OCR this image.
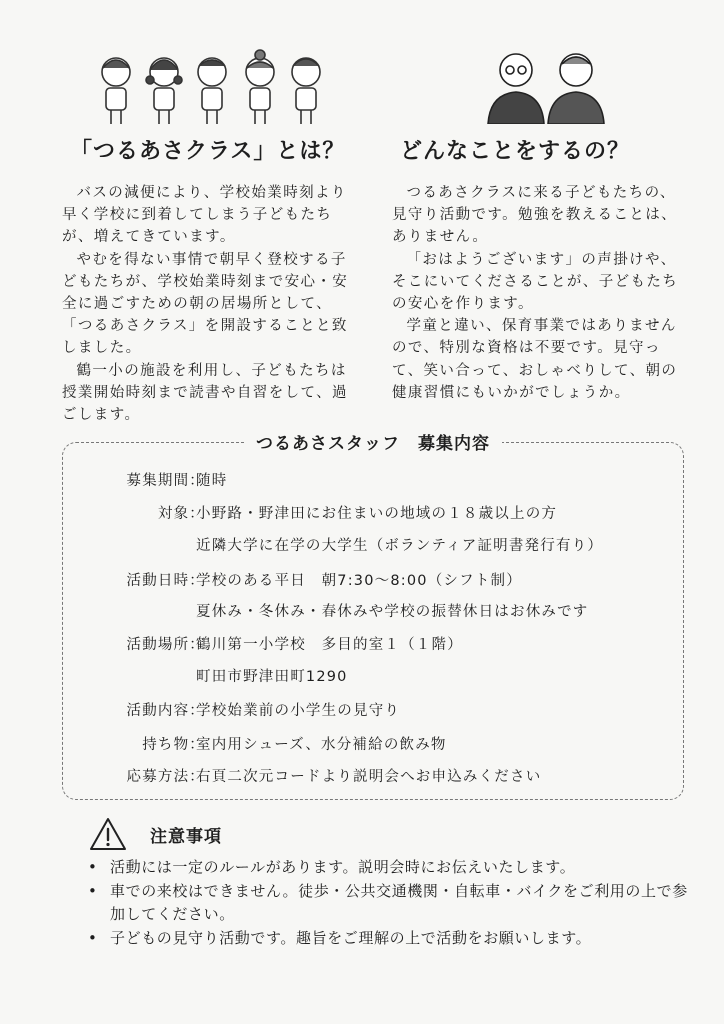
「つるあさクラス」とは？ どんなことをするの？

バスの減便により、学校始業時刻より早く学校に到着してしまう子どもたちが、増えてきています。

やむを得ない事情で朝早く登校する子どもたちが、学校始業時刻まで安心・安全に過ごすための朝の居場所として、「つるあさクラス」を開設することと致しました。

鶴一小の施設を利用し、子どもたちは授業開始時刻まで読書や自習をして、過ごします。

つるあさクラスに来る子どもたちの、見守り活動です。勉強を教えることは、ありません。

「おはようございます」の声掛けや、そこにいてくださることが、子どもたちの安心を作ります。

学童と違い、保育事業ではありませんので、特別な資格は不要です。見守って、笑い合って、おしゃべりして、朝の健康習慣にもいかがでしょうか。

つるあさスタッフ　募集内容
募集期間：
随時
対象：
小野路・野津田にお住まいの地域の１８歳以上の方
近隣大学に在学の大学生（ボランティア証明書発行有り）
活動日時：
学校のある平日　朝7:30〜8:00（シフト制）
夏休み・冬休み・春休みや学校の振替休日はお休みです
活動場所：
鶴川第一小学校　多目的室１（１階）
町田市野津田町1290
活動内容：
学校始業前の小学生の見守り
持ち物：
室内用シューズ、水分補給の飲み物
応募方法：
右頁二次元コードより説明会へお申込みください
注意事項
• 活動には一定のルールがあります。説明会時にお伝えいたします。
• 車での来校はできません。徒歩・公共交通機関・自転車・バイクをご利用の上で参加してください。
• 子どもの見守り活動です。趣旨をご理解の上で活動をお願いします。
